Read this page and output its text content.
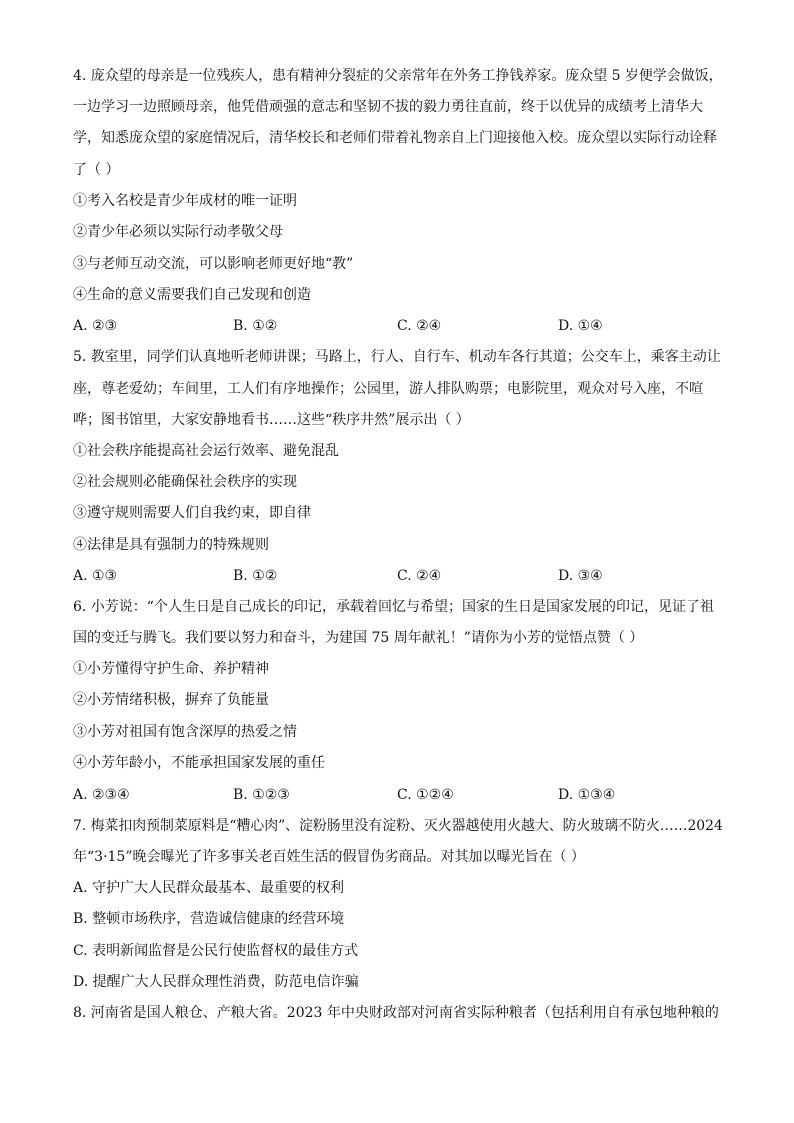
4. 庞众望的母亲是一位残疾人，患有精神分裂症的父亲常年在外务工挣钱养家。庞众望 5 岁便学会做饭，
一边学习一边照顾母亲，他凭借顽强的意志和坚韧不拔的毅力勇往直前，终于以优异的成绩考上清华大
学，知悉庞众望的家庭情况后，清华校长和老师们带着礼物亲自上门迎接他入校。庞众望以实际行动诠释
了（ ）
①考入名校是青少年成材的唯一证明
②青少年必须以实际行动孝敬父母
③与老师互动交流，可以影响老师更好地“教”
④生命的意义需要我们自己发现和创造
A. ②③	B. ①②	C. ②④	D. ①④
5. 教室里，同学们认真地听老师讲课；马路上，行人、自行车、机动车各行其道；公交车上，乘客主动让
座，尊老爱幼；车间里，工人们有序地操作；公园里，游人排队购票；电影院里，观众对号入座，不喧
哗；图书馆里，大家安静地看书……这些“秩序井然”展示出（ ）
①社会秩序能提高社会运行效率、避免混乱
②社会规则必能确保社会秩序的实现
③遵守规则需要人们自我约束，即自律
④法律是具有强制力的特殊规则
A. ①③	B. ①②	C. ②④	D. ③④
6. 小芳说：“个人生日是自己成长的印记，承载着回忆与希望；国家的生日是国家发展的印记，见证了祖
国的变迁与腾飞。我们要以努力和奋斗，为建国 75 周年献礼！”请你为小芳的觉悟点赞（ ）
①小芳懂得守护生命、养护精神
②小芳情绪积极，摒弃了负能量
③小芳对祖国有饱含深厚的热爱之情
④小芳年龄小，不能承担国家发展的重任
A. ②③④	B. ①②③	C. ①②④	D. ①③④
7. 梅菜扣肉预制菜原料是“糟心肉”、淀粉肠里没有淀粉、灭火器越使用火越大、防火玻璃不防火……2024
年“3·15”晚会曝光了许多事关老百姓生活的假冒伪劣商品。对其加以曝光旨在（ ）
A. 守护广大人民群众最基本、最重要的权利
B. 整顿市场秩序，营造诚信健康的经营环境
C. 表明新闻监督是公民行使监督权的最佳方式
D. 提醒广大人民群众理性消费，防范电信诈骗
8. 河南省是国人粮仓、产粮大省。2023 年中央财政部对河南省实际种粮者（包括利用自有承包地种粮的
